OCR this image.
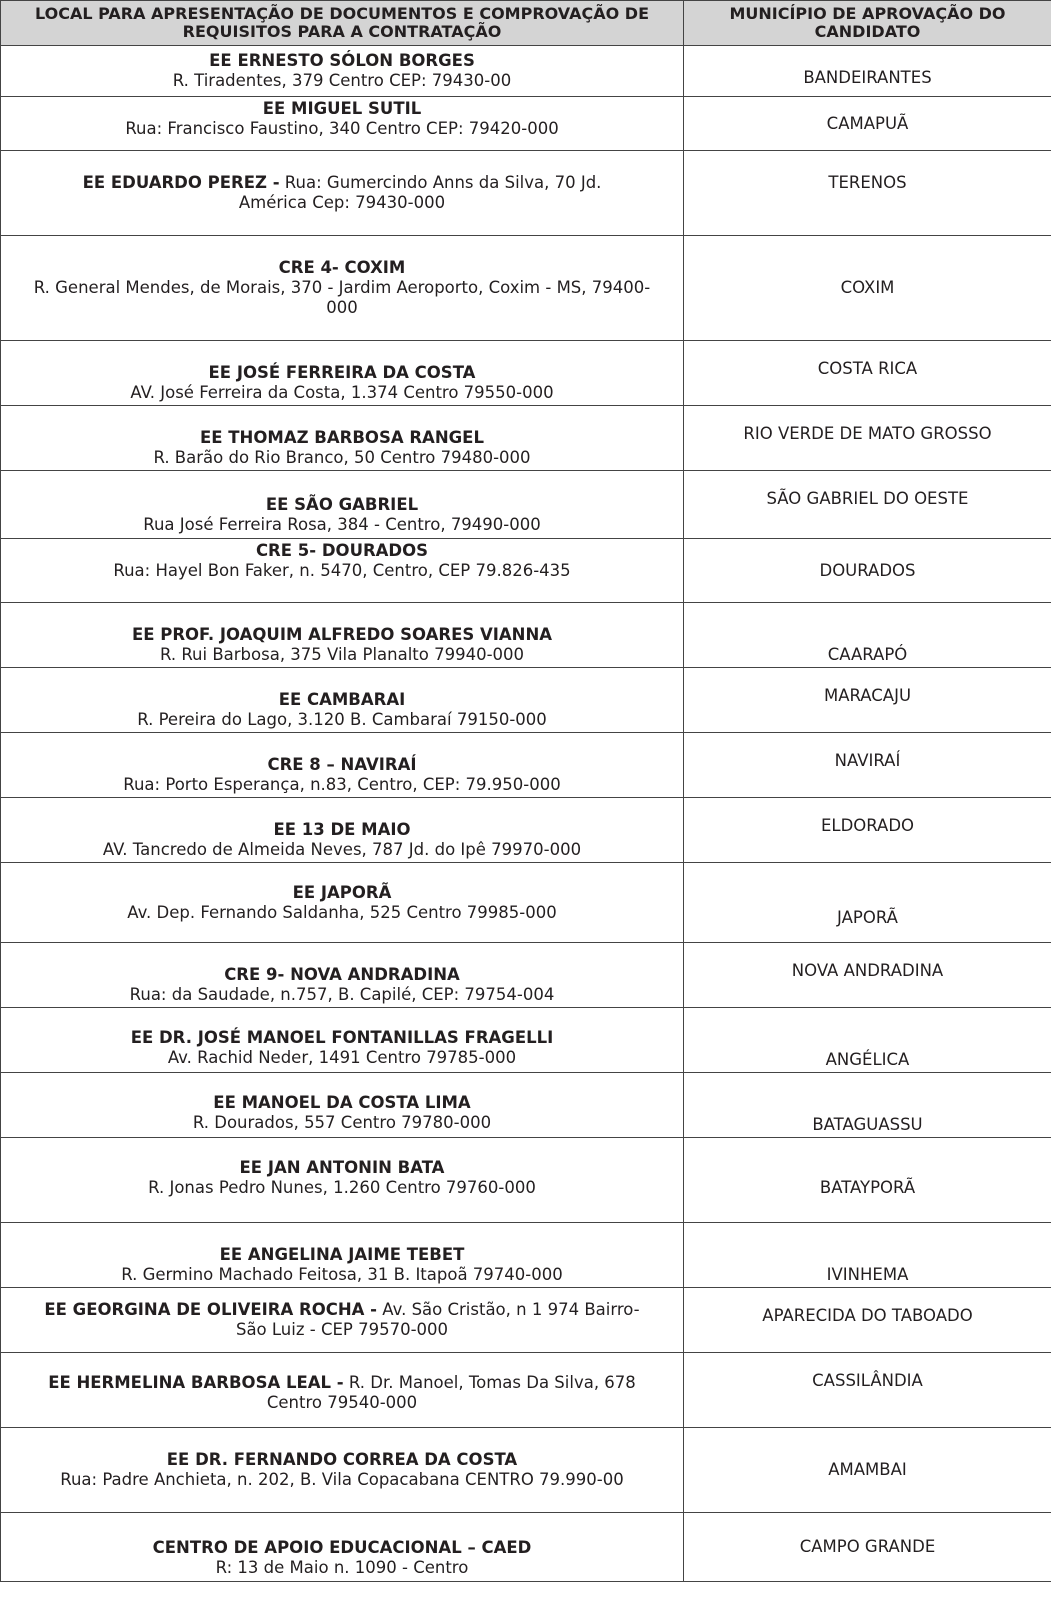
LOCAL PARA APRESENTAÇÃO DE DOCUMENTOS E COMPROVAÇÃO DE REQUISITOS PARA A CONTRATAÇÃO	MUNICÍPIO DE APROVAÇÃO DO CANDIDATO
EE ERNESTO SÓLON BORGES
R. Tiradentes, 379 Centro CEP: 79430-00	BANDEIRANTES
EE MIGUEL SUTIL
Rua: Francisco Faustino, 340 Centro CEP: 79420-000	CAMAPUÃ
EE EDUARDO PEREZ - Rua: Gumercindo Anns da Silva, 70 Jd. América Cep: 79430-000	TERENOS
CRE 4- COXIM
R. General Mendes, de Morais, 370 - Jardim Aeroporto, Coxim - MS, 79400-000	COXIM
EE JOSÉ FERREIRA DA COSTA
AV. José Ferreira da Costa, 1.374 Centro 79550-000	COSTA RICA
EE THOMAZ BARBOSA RANGEL
R. Barão do Rio Branco, 50 Centro 79480-000	RIO VERDE DE MATO GROSSO
EE SÃO GABRIEL
Rua José Ferreira Rosa, 384 - Centro, 79490-000	SÃO GABRIEL DO OESTE
CRE 5- DOURADOS
Rua: Hayel Bon Faker, n. 5470, Centro, CEP 79.826-435	DOURADOS
EE PROF. JOAQUIM ALFREDO SOARES VIANNA
R. Rui Barbosa, 375 Vila Planalto 79940-000	CAARAPÓ
EE CAMBARAI
R. Pereira do Lago, 3.120 B. Cambaraí 79150-000	MARACAJU
CRE 8 – NAVIRAÍ
Rua: Porto Esperança, n.83, Centro, CEP: 79.950-000	NAVIRAÍ
EE 13 DE MAIO
AV. Tancredo de Almeida Neves, 787 Jd. do Ipê 79970-000	ELDORADO
EE JAPORÃ
Av. Dep. Fernando Saldanha, 525 Centro 79985-000	JAPORÃ
CRE 9- NOVA ANDRADINA
Rua: da Saudade, n.757, B. Capilé, CEP: 79754-004	NOVA ANDRADINA
EE DR. JOSÉ MANOEL FONTANILLAS FRAGELLI
Av. Rachid Neder, 1491 Centro 79785-000	ANGÉLICA
EE MANOEL DA COSTA LIMA
R. Dourados, 557 Centro 79780-000	BATAGUASSU
EE JAN ANTONIN BATA
R. Jonas Pedro Nunes, 1.260 Centro 79760-000	BATAYPORÃ
EE ANGELINA JAIME TEBET
R. Germino Machado Feitosa, 31 B. Itapoã 79740-000	IVINHEMA
EE GEORGINA DE OLIVEIRA ROCHA - Av. São Cristão, n 1 974 Bairro- São Luiz - CEP 79570-000	APARECIDA DO TABOADO
EE HERMELINA BARBOSA LEAL - R. Dr. Manoel, Tomas Da Silva, 678 Centro 79540-000	CASSILÂNDIA
EE DR. FERNANDO CORREA DA COSTA
Rua: Padre Anchieta, n. 202, B. Vila Copacabana CENTRO 79.990-00	AMAMBAI
CENTRO DE APOIO EDUCACIONAL – CAED
R: 13 de Maio n. 1090 - Centro	CAMPO GRANDE
